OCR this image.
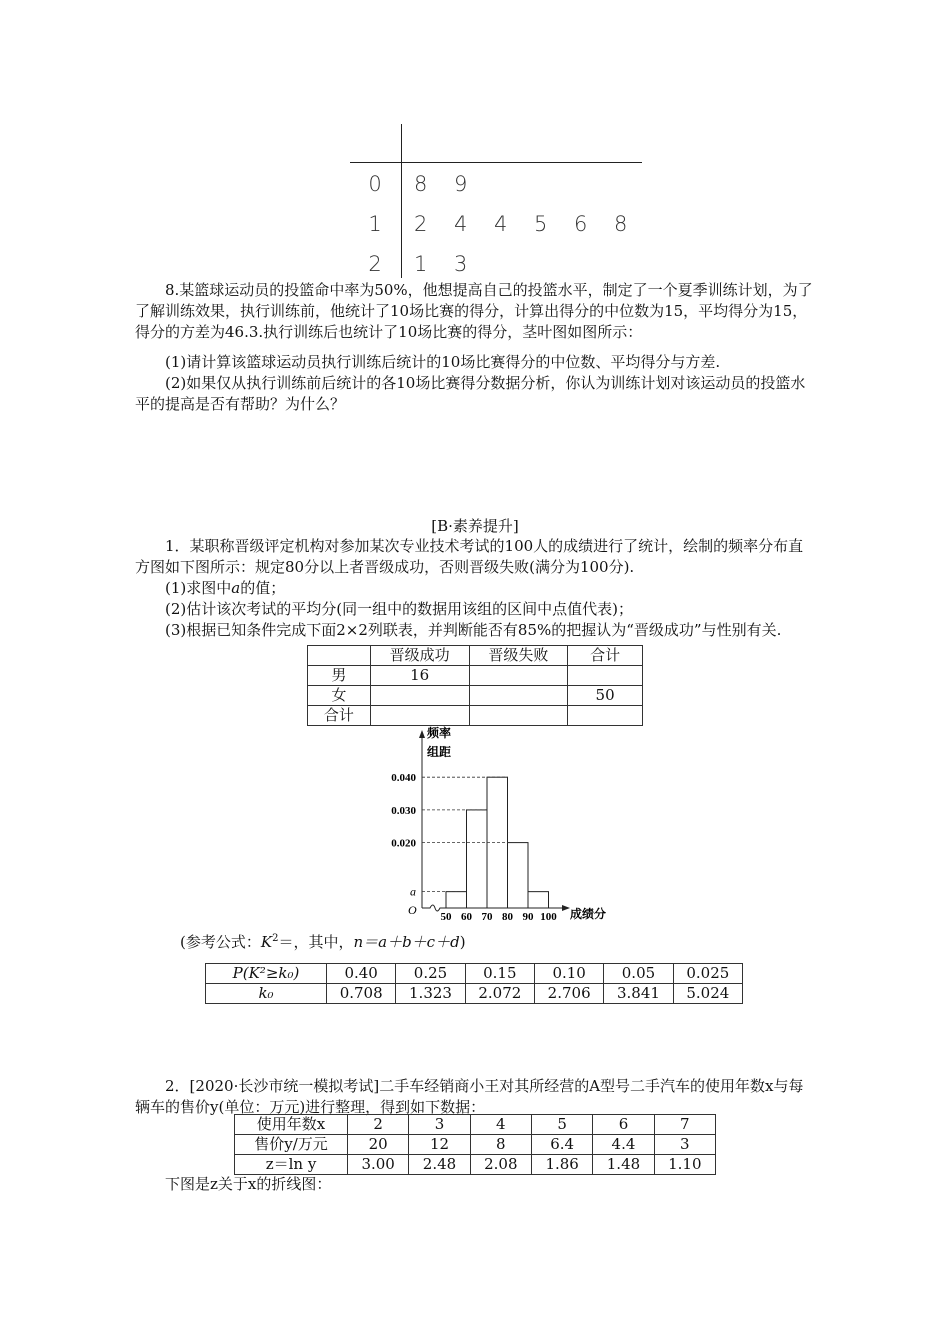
0	8	9
1	2	4	4	5	6	8
2	1	3
8.某篮球运动员的投篮命中率为50%，他想提高自己的投篮水平，制定了一个夏季训练计划，为了了解训练效果，执行训练前，他统计了10场比赛的得分，计算出得分的中位数为15，平均得分为15，得分的方差为46.3.执行训练后也统计了10场比赛的得分，茎叶图如图所示：
(1)请计算该篮球运动员执行训练后统计的10场比赛得分的中位数、平均得分与方差.
(2)如果仅从执行训练前后统计的各10场比赛得分数据分析，你认为训练计划对该运动员的投篮水平的提高是否有帮助？为什么？
[B·素养提升]
1．某职称晋级评定机构对参加某次专业技术考试的100人的成绩进行了统计，绘制的频率分布直方图如下图所示：规定80分以上者晋级成功，否则晋级失败(满分为100分).
(1)求图中a的值；
(2)估计该次考试的平均分(同一组中的数据用该组的区间中点值代表)；
(3)根据已知条件完成下面2×2列联表，并判断能否有85%的把握认为“晋级成功”与性别有关.
	晋级成功	晋级失败	合计
男	16		
女			50
合计			
a
0.020
0.030
0.040
50 60 70 80 90 100
频率
组距
成绩分
O
(参考公式：$K^2=$，其中，n＝a＋b＋c＋d)
P(K²≥k₀)	0.40	0.25	0.15	0.10	0.05	0.025
k₀	0.708	1.323	2.072	2.706	3.841	5.024
2．[2020·长沙市统一模拟考试]二手车经销商小王对其所经营的A型号二手汽车的使用年数x与每辆车的售价y(单位：万元)进行整理，得到如下数据：
使用年数x	2	3	4	5	6	7
售价y/万元	20	12	8	6.4	4.4	3
z＝ln y	3.00	2.48	2.08	1.86	1.48	1.10
下图是z关于x的折线图：
